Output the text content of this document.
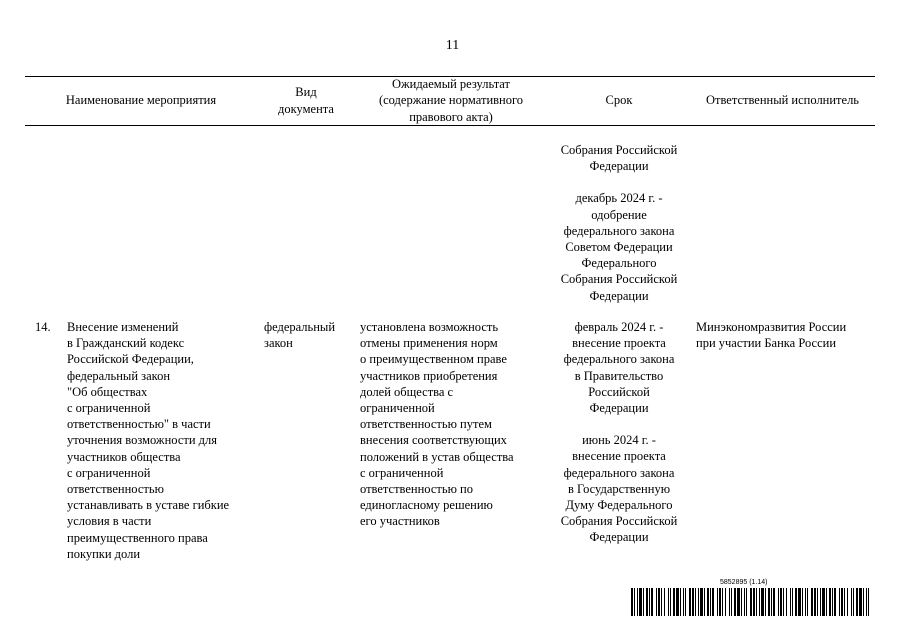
11
Наименование мероприятия
Вид
документа
Ожидаемый результат
(содержание нормативного
правового акта)
Срок	Ответственный исполнитель
Собрания Российской
Федерации
декабрь 2024 г. -
одобрение
федерального закона
Советом Федерации
Федерального
Собрания Российской
Федерации
14. Внесение изменений
в Гражданский кодекс
Российской Федерации,
федеральный закон
"Об обществах
с ограниченной
ответственностью" в части
уточнения возможности для
участников общества
с ограниченной
ответственностью
устанавливать в уставе гибкие
условия в части
преимущественного права
покупки доли
федеральный
закон
установлена возможность
отмены применения норм
о преимущественном праве
участников приобретения
долей общества с
ограниченной
ответственностью путем
внесения соответствующих
положений в устав общества
с ограниченной
ответственностью по
единогласному решению
его участников
февраль 2024 г. -
внесение проекта
федерального закона
в Правительство
Российской
Федерации
июнь 2024 г. -
внесение проекта
федерального закона
в Государственную
Думу Федерального
Собрания Российской
Федерации
Минэкономразвития России
при участии Банка России
5852895 (1.14)
